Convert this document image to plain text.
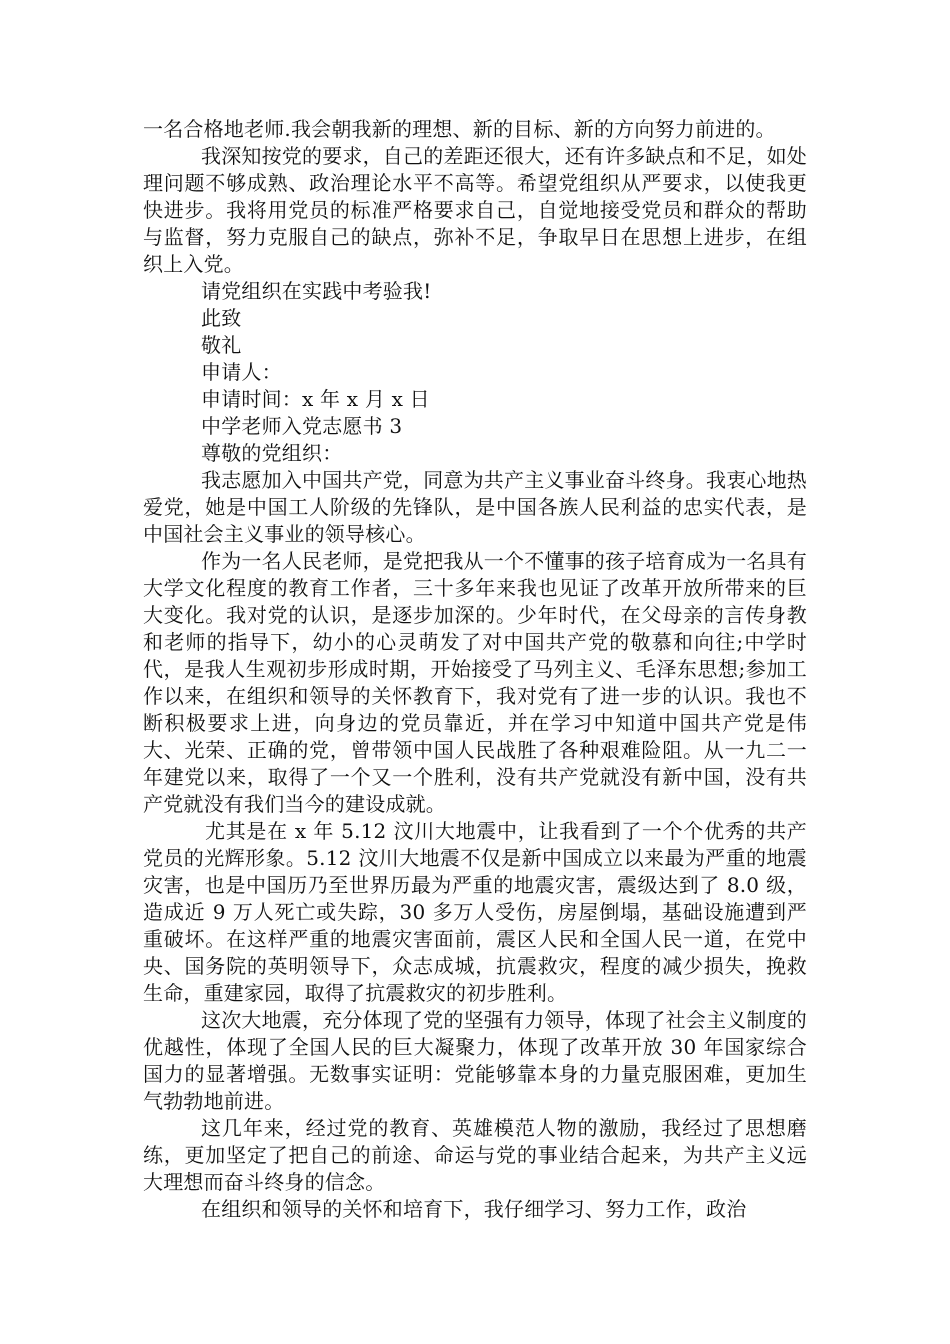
一名合格地老师.我会朝我新的理想、新的目标、新的方向努力前进的。

我深知按党的要求，自己的差距还很大，还有许多缺点和不足，如处理问题不够成熟、政治理论水平不高等。希望党组织从严要求，以使我更快进步。我将用党员的标准严格要求自己，自觉地接受党员和群众的帮助与监督，努力克服自己的缺点，弥补不足，争取早日在思想上进步，在组织上入党。

请党组织在实践中考验我!

此致

敬礼

申请人：

申请时间：x 年 x 月 x 日

中学老师入党志愿书 3

尊敬的党组织：

我志愿加入中国共产党，同意为共产主义事业奋斗终身。我衷心地热爱党，她是中国工人阶级的先锋队，是中国各族人民利益的忠实代表，是中国社会主义事业的领导核心。

作为一名人民老师，是党把我从一个不懂事的孩子培育成为一名具有大学文化程度的教育工作者，三十多年来我也见证了改革开放所带来的巨大变化。我对党的认识，是逐步加深的。少年时代，在父母亲的言传身教和老师的指导下，幼小的心灵萌发了对中国共产党的敬慕和向往;中学时代，是我人生观初步形成时期，开始接受了马列主义、毛泽东思想;参加工作以来，在组织和领导的关怀教育下，我对党有了进一步的认识。我也不断积极要求上进，向身边的党员靠近，并在学习中知道中国共产党是伟大、光荣、正确的党，曾带领中国人民战胜了各种艰难险阻。从一九二一年建党以来，取得了一个又一个胜利，没有共产党就没有新中国，没有共产党就没有我们当今的建设成就。

尤其是在 x 年 5.12 汶川大地震中，让我看到了一个个优秀的共产党员的光辉形象。5.12 汶川大地震不仅是新中国成立以来最为严重的地震灾害，也是中国历乃至世界历最为严重的地震灾害，震级达到了 8.0 级，造成近 9 万人死亡或失踪，30 多万人受伤，房屋倒塌，基础设施遭到严重破坏。在这样严重的地震灾害面前，震区人民和全国人民一道，在党中央、国务院的英明领导下，众志成城，抗震救灾，程度的减少损失，挽救生命，重建家园，取得了抗震救灾的初步胜利。

这次大地震，充分体现了党的坚强有力领导，体现了社会主义制度的优越性，体现了全国人民的巨大凝聚力，体现了改革开放 30 年国家综合国力的显著增强。无数事实证明：党能够靠本身的力量克服困难，更加生气勃勃地前进。

这几年来，经过党的教育、英雄模范人物的激励，我经过了思想磨练，更加坚定了把自己的前途、命运与党的事业结合起来，为共产主义远大理想而奋斗终身的信念。

在组织和领导的关怀和培育下，我仔细学习、努力工作，政治
